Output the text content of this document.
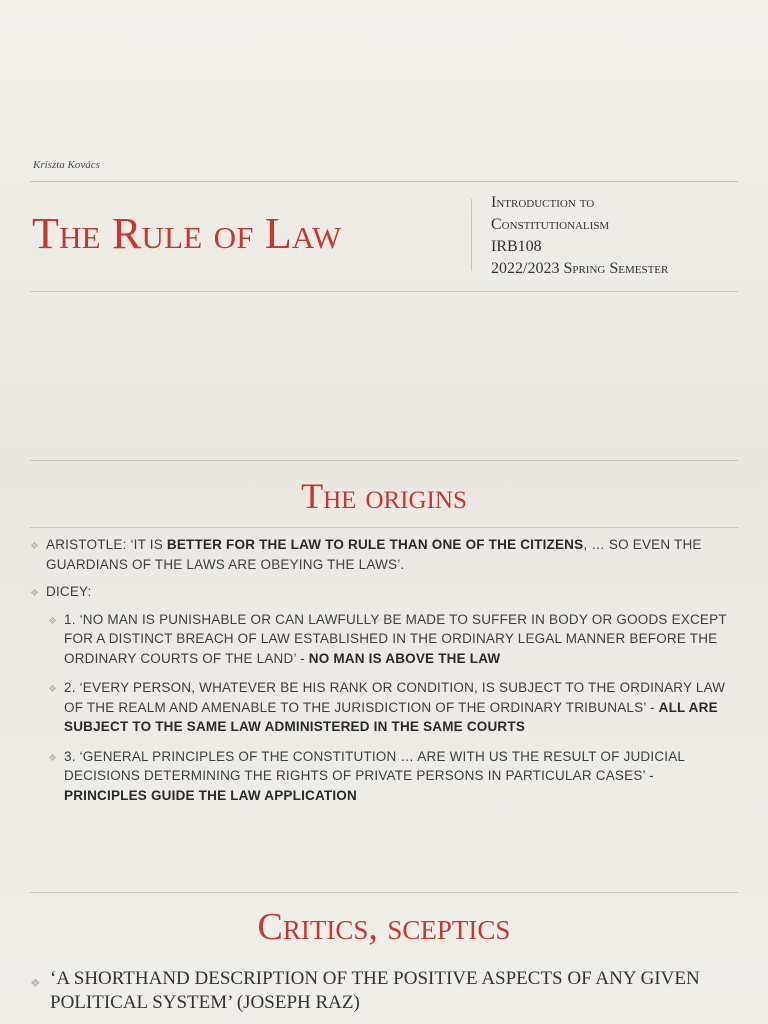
Kriszta Kovács
The Rule of Law
Introduction to
Constitutionalism
IRB108
2022/2023 Spring Semester
The origins
❖ ARISTOTLE: ‘IT IS BETTER FOR THE LAW TO RULE THAN ONE OF THE CITIZENS, … SO EVEN THE GUARDIANS OF THE LAWS ARE OBEYING THE LAWS’.
❖ DICEY:
❖ 1. ‘NO MAN IS PUNISHABLE OR CAN LAWFULLY BE MADE TO SUFFER IN BODY OR GOODS EXCEPT FOR A DISTINCT BREACH OF LAW ESTABLISHED IN THE ORDINARY LEGAL MANNER BEFORE THE ORDINARY COURTS OF THE LAND’ - NO MAN IS ABOVE THE LAW
❖ 2. ‘EVERY PERSON, WHATEVER BE HIS RANK OR CONDITION, IS SUBJECT TO THE ORDINARY LAW OF THE REALM AND AMENABLE TO THE JURISDICTION OF THE ORDINARY TRIBUNALS’ - ALL ARE SUBJECT TO THE SAME LAW ADMINISTERED IN THE SAME COURTS
❖ 3. ‘GENERAL PRINCIPLES OF THE CONSTITUTION … ARE WITH US THE RESULT OF JUDICIAL DECISIONS DETERMINING THE RIGHTS OF PRIVATE PERSONS IN PARTICULAR CASES’ - PRINCIPLES GUIDE THE LAW APPLICATION
Critics, sceptics
❖ ‘A SHORTHAND DESCRIPTION OF THE POSITIVE ASPECTS OF ANY GIVEN POLITICAL SYSTEM’ (JOSEPH RAZ)
